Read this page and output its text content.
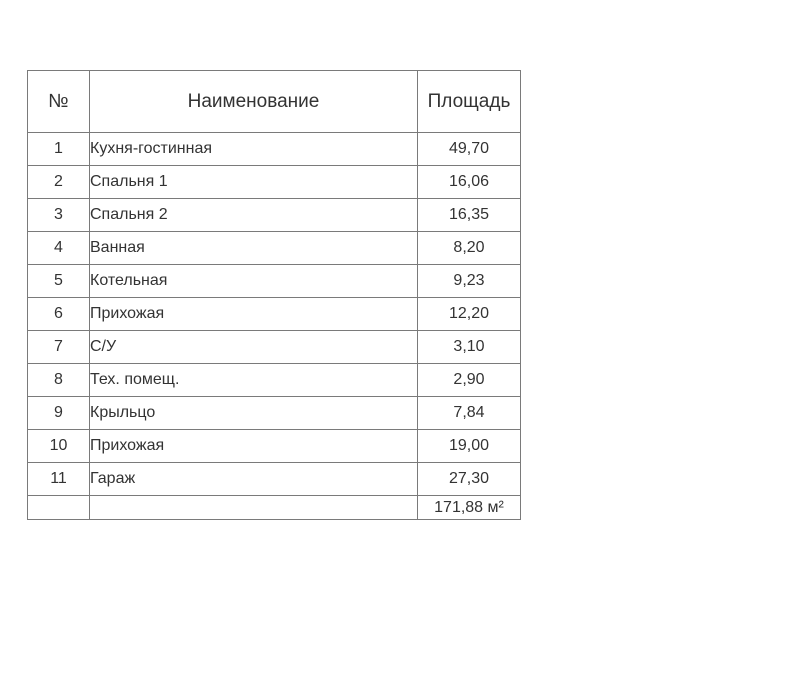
№	Наименование	Площадь
1	Кухня-гостинная	49,70
2	Спальня 1	16,06
3	Спальня 2	16,35
4	Ванная	8,20
5	Котельная	9,23
6	Прихожая	12,20
7	С/У	3,10
8	Тех. помещ.	2,90
9	Крыльцо	7,84
10	Прихожая	19,00
11	Гараж	27,30
		171,88 м²
